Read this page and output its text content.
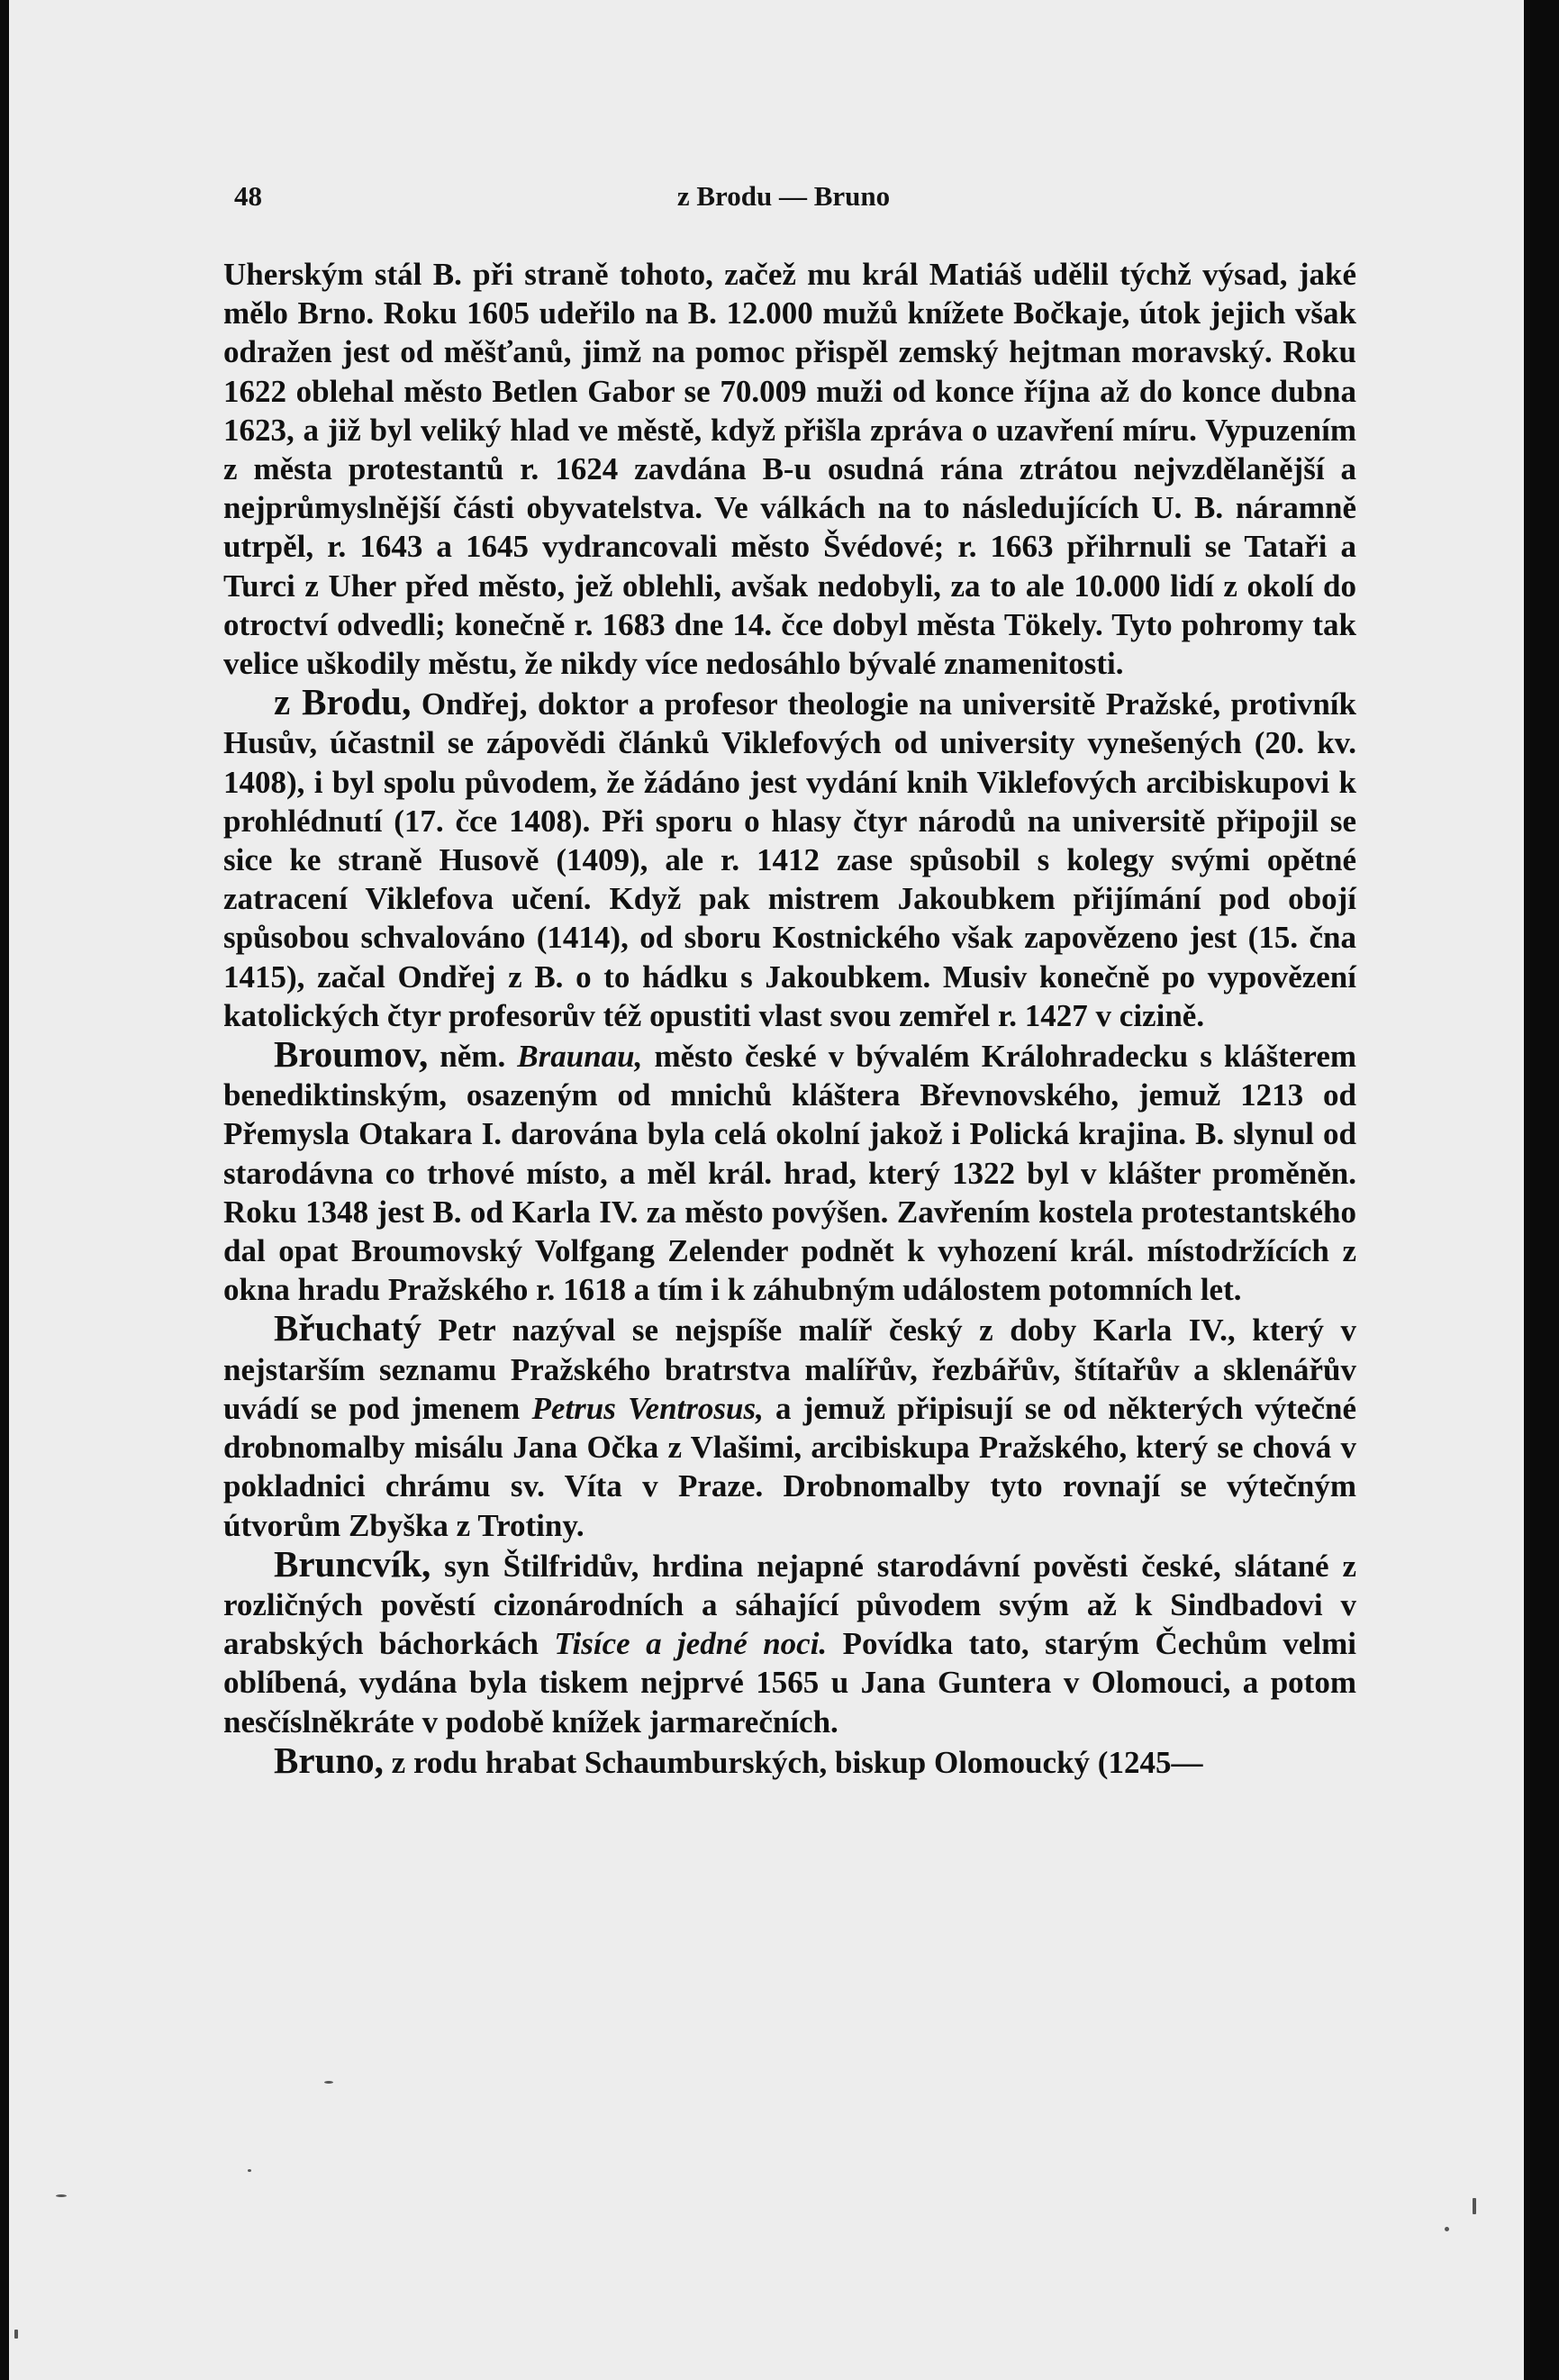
48	z Brodu — Bruno

Uherským stál B. při straně tohoto, začež mu král Matiáš udělil týchž výsad, jaké mělo Brno. Roku 1605 udeřilo na B. 12.000 mužů knížete Bočkaje, útok jejich však odražen jest od měšťanů, jimž na pomoc přispěl zemský hejtman moravský. Roku 1622 oblehal město Betlen Gabor se 70.009 muži od konce října až do konce dubna 1623, a již byl veliký hlad ve městě, když přišla zpráva o uzavření míru. Vypuzením z města protestantů r. 1624 zavdána B-u osudná rána ztrátou nejvzdělanější a nejprůmyslnější části obyvatelstva. Ve válkách na to následujících U. B. náramně utrpěl, r. 1643 a 1645 vydrancovali město Švédové; r. 1663 přihrnuli se Tataři a Turci z Uher před město, jež oblehli, avšak nedobyli, za to ale 10.000 lidí z okolí do otroctví odvedli; konečně r. 1683 dne 14. čce dobyl města Tökely. Tyto pohromy tak velice uškodily městu, že nikdy více nedosáhlo bývalé znamenitosti.

z Brodu, Ondřej, doktor a profesor theologie na universitě Pražské, protivník Husův, účastnil se zápovědi článků Viklefových od university vynešených (20. kv. 1408), i byl spolu původem, že žádáno jest vydání knih Viklefových arcibiskupovi k prohlédnutí (17. čce 1408). Při sporu o hlasy čtyr národů na universitě připojil se sice ke straně Husově (1409), ale r. 1412 zase spůsobil s kolegy svými opětné zatracení Viklefova učení. Když pak mistrem Jakoubkem přijímání pod obojí spůsobou schvalováno (1414), od sboru Kostnického však zapovězeno jest (15. čna 1415), začal Ondřej z B. o to hádku s Jakoubkem. Musiv konečně po vypovězení katolických čtyr profesorův též opustiti vlast svou zemřel r. 1427 v cizině.

Broumov, něm. Braunau, město české v bývalém Králohradecku s klášterem benediktinským, osazeným od mnichů kláštera Břevnovského, jemuž 1213 od Přemysla Otakara I. darována byla celá okolní jakož i Polická krajina. B. slynul od starodávna co trhové místo, a měl král. hrad, který 1322 byl v klášter proměněn. Roku 1348 jest B. od Karla IV. za město povýšen. Zavřením kostela protestantského dal opat Broumovský Volfgang Zelender podnět k vyhození král. místodržících z okna hradu Pražského r. 1618 a tím i k záhubným událostem potomních let.

Břuchatý Petr nazýval se nejspíše malíř český z doby Karla IV., který v nejstarším seznamu Pražského bratrstva malířův, řezbářův, štítařův a sklenářův uvádí se pod jmenem Petrus Ventrosus, a jemuž připisují se od některých výtečné drobnomalby misálu Jana Očka z Vlašimi, arcibiskupa Pražského, který se chová v pokladnici chrámu sv. Víta v Praze. Drobnomalby tyto rovnají se výtečným útvorům Zbyška z Trotiny.

Bruncvík, syn Štilfridův, hrdina nejapné starodávní pověsti české, slátané z rozličných pověstí cizonárodních a sáhající původem svým až k Sindbadovi v arabských báchorkách Tisíce a jedné noci. Povídka tato, starým Čechům velmi oblíbená, vydána byla tiskem nejprvé 1565 u Jana Guntera v Olomouci, a potom nesčíslněkráte v podobě knížek jarmarečních.

Bruno, z rodu hrabat Schaumburských, biskup Olomoucký (1245—
